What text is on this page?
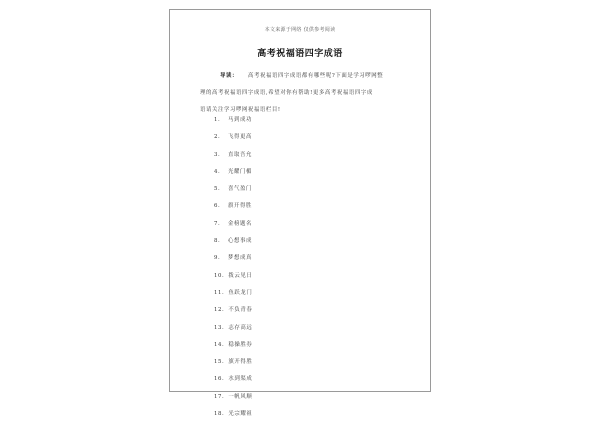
本文来源于网络 仅供参考阅读
高考祝福语四字成语
导读： 高考祝福语四字成语都有哪些呢?下面是学习啰网整
理的高考祝福语四字成语,希望对你有帮助!更多高考祝福语四字成
语请关注学习啰网祝福语栏目!
1. 马到成功
2. 飞得更高
3. 直取吾允
4. 光耀门楣
5. 喜气盈门
6. 旗开得胜
7. 金榜题名
8. 心想事成
9. 梦想成真
10. 拨云见日
11. 鱼跃龙门
12. 不负青春
13. 志存高远
14. 稳操胜券
15. 旗开得胜
16. 水到渠成
17. 一帆风顺
18. 光宗耀祖
